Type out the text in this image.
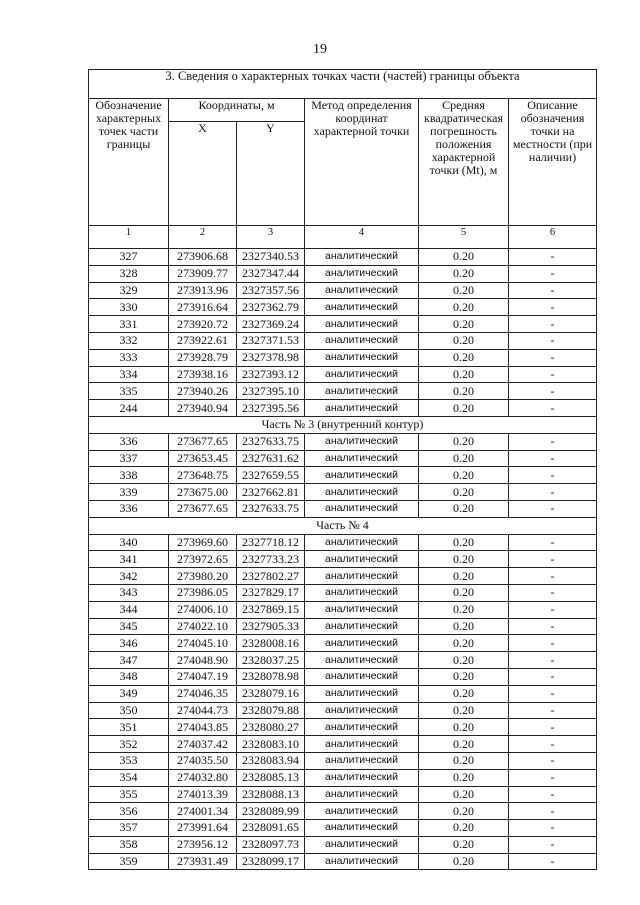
19
3. Сведения о характерных точках части (частей) границы объекта					
Обозначение характерных точек части границы	Координаты, м		Метод определения координат характерной точки	Средняя квадратическая погрешность положения характерной точки (Mt), м	Описание обозначения точки на местности (при наличии)
	X	Y			
1	2	3	4	5	6
327	273906.68	2327340.53	аналитический	0.20	-
328	273909.77	2327347.44	аналитический	0.20	-
329	273913.96	2327357.56	аналитический	0.20	-
330	273916.64	2327362.79	аналитический	0.20	-
331	273920.72	2327369.24	аналитический	0.20	-
332	273922.61	2327371.53	аналитический	0.20	-
333	273928.79	2327378.98	аналитический	0.20	-
334	273938.16	2327393.12	аналитический	0.20	-
335	273940.26	2327395.10	аналитический	0.20	-
244	273940.94	2327395.56	аналитический	0.20	-
Часть № 3 (внутренний контур)					
336	273677.65	2327633.75	аналитический	0.20	-
337	273653.45	2327631.62	аналитический	0.20	-
338	273648.75	2327659.55	аналитический	0.20	-
339	273675.00	2327662.81	аналитический	0.20	-
336	273677.65	2327633.75	аналитический	0.20	-
Часть № 4					
340	273969.60	2327718.12	аналитический	0.20	-
341	273972.65	2327733.23	аналитический	0.20	-
342	273980.20	2327802.27	аналитический	0.20	-
343	273986.05	2327829.17	аналитический	0.20	-
344	274006.10	2327869.15	аналитический	0.20	-
345	274022.10	2327905.33	аналитический	0.20	-
346	274045.10	2328008.16	аналитический	0.20	-
347	274048.90	2328037.25	аналитический	0.20	-
348	274047.19	2328078.98	аналитический	0.20	-
349	274046.35	2328079.16	аналитический	0.20	-
350	274044.73	2328079.88	аналитический	0.20	-
351	274043.85	2328080.27	аналитический	0.20	-
352	274037.42	2328083.10	аналитический	0.20	-
353	274035.50	2328083.94	аналитический	0.20	-
354	274032.80	2328085.13	аналитический	0.20	-
355	274013.39	2328088.13	аналитический	0.20	-
356	274001.34	2328089.99	аналитический	0.20	-
357	273991.64	2328091.65	аналитический	0.20	-
358	273956.12	2328097.73	аналитический	0.20	-
359	273931.49	2328099.17	аналитический	0.20	-
